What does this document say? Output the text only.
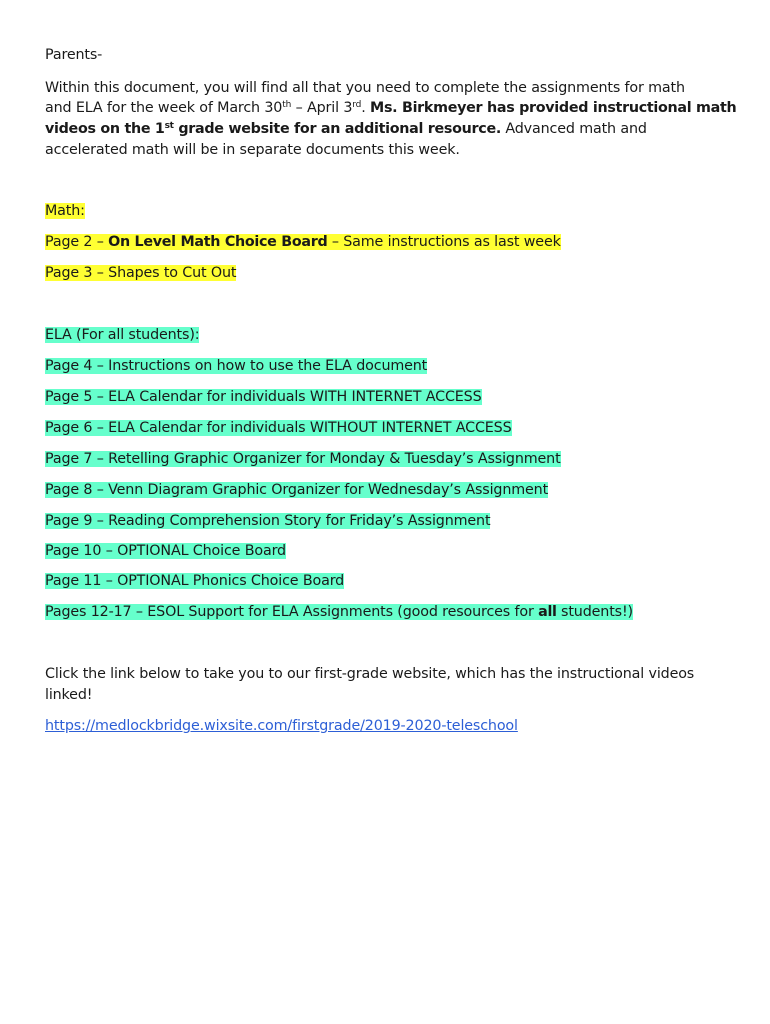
Parents-
Within this document, you will find all that you need to complete the assignments for math
and ELA for the week of March 30th – April 3rd. Ms. Birkmeyer has provided instructional math
videos on the 1st grade website for an additional resource. Advanced math and
accelerated math will be in separate documents this week.
Math:
Page 2 – On Level Math Choice Board – Same instructions as last week
Page 3 – Shapes to Cut Out
ELA (For all students):
Page 4 – Instructions on how to use the ELA document
Page 5 – ELA Calendar for individuals WITH INTERNET ACCESS
Page 6 – ELA Calendar for individuals WITHOUT INTERNET ACCESS
Page 7 – Retelling Graphic Organizer for Monday & Tuesday’s Assignment
Page 8 – Venn Diagram Graphic Organizer for Wednesday’s Assignment
Page 9 – Reading Comprehension Story for Friday’s Assignment
Page 10 – OPTIONAL Choice Board
Page 11 – OPTIONAL Phonics Choice Board
Pages 12-17 – ESOL Support for ELA Assignments (good resources for all students!)
Click the link below to take you to our first-grade website, which has the instructional videos
linked!
https://medlockbridge.wixsite.com/firstgrade/2019-2020-teleschool
